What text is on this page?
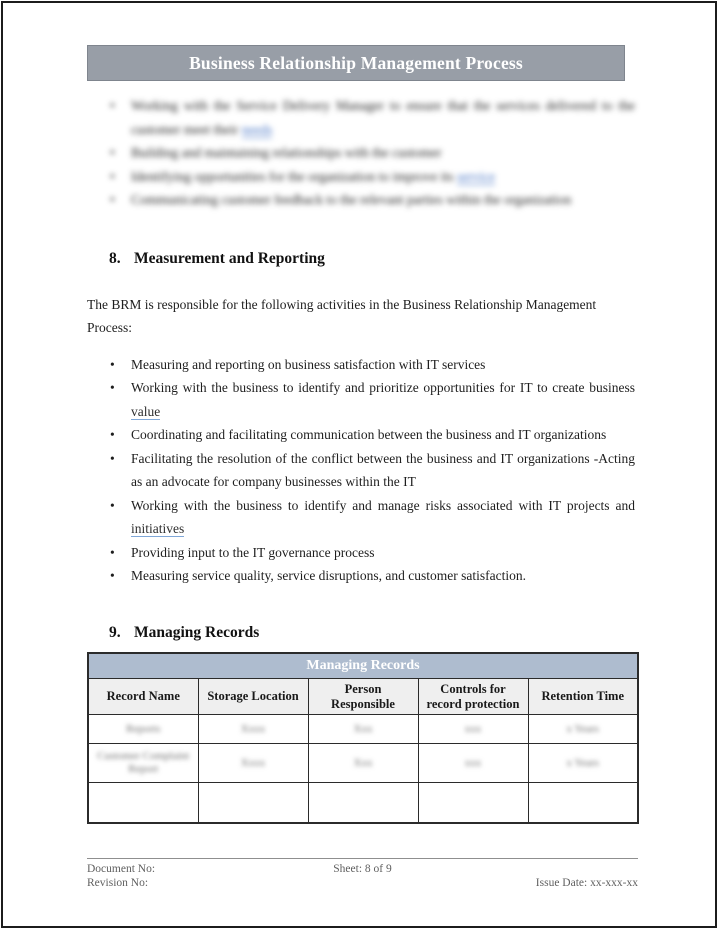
Business Relationship Management Process
• Working with the Service Delivery Manager to ensure that the services delivered to the customer meet their needs
• Building and maintaining relationships with the customer
• Identifying opportunities for the organization to improve its service
• Communicating customer feedback to the relevant parties within the organization
8. Measurement and Reporting

The BRM is responsible for the following activities in the Business Relationship Management Process:

• Measuring and reporting on business satisfaction with IT services
• Working with the business to identify and prioritize opportunities for IT to create business value
• Coordinating and facilitating communication between the business and IT organizations
• Facilitating the resolution of the conflict between the business and IT organizations -Acting as an advocate for company businesses within the IT
• Working with the business to identify and manage risks associated with IT projects and initiatives
• Providing input to the IT governance process
• Measuring service quality, service disruptions, and customer satisfaction.
9. Managing Records
Managing Records				
Record Name	Storage Location	Person Responsible	Controls for record protection	Retention Time
Reports	Xxxx	Xxx	xxx	x Years
Customer Complaint Report	Xxxx	Xxx	xxx	x Years

Document No:	Sheet: 8 of 9
Revision No:	Issue Date: xx-xxx-xx
